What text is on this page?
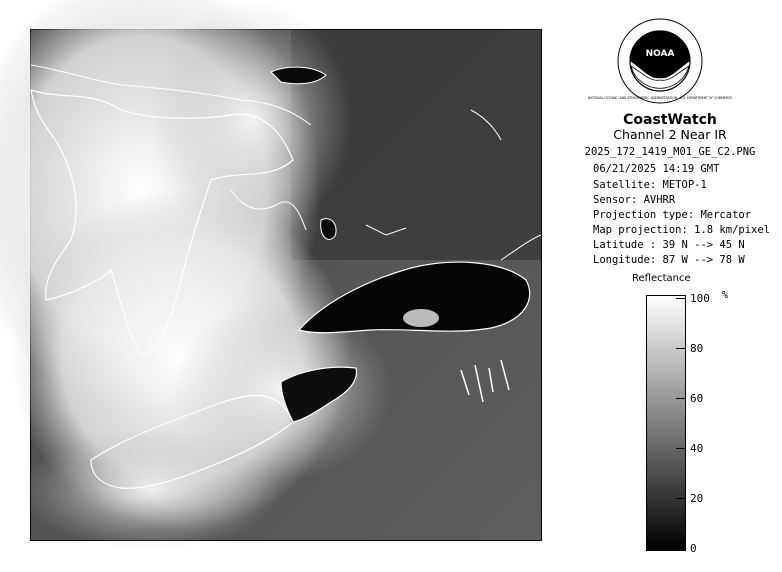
NOAA
NATIONAL OCEANIC AND ATMOSPHERIC ADMINISTRATION · U.S. DEPARTMENT OF COMMERCE
CoastWatch
Channel 2 Near IR
2025_172_1419_M01_GE_C2.PNG
06/21/2025 14:19 GMT
Satellite: METOP-1
Sensor: AVHRR
Projection type: Mercator
Map projection: 1.8 km/pixel
Latitude : 39 N --> 45 N
Longitude: 87 W --> 78 W
Reflectance
%
100
80
60
40
20
0
